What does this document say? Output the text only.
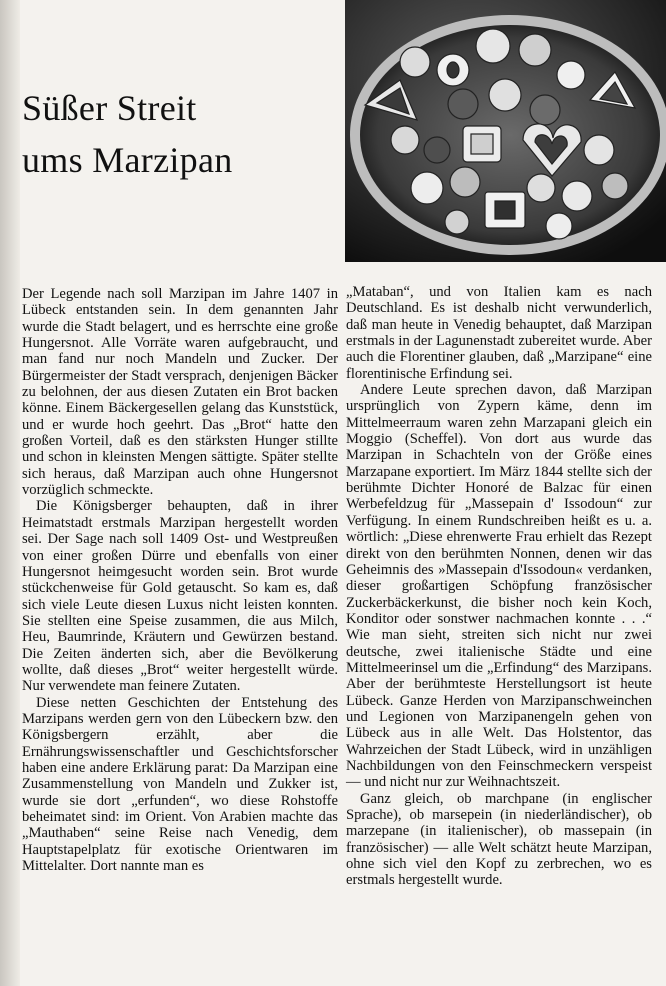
Süßer Streit
ums Marzipan

Der Legende nach soll Marzipan im Jahre 1407 in Lübeck entstanden sein. In dem genannten Jahr wurde die Stadt belagert, und es herrschte eine große Hungersnot. Alle Vorräte waren aufgebraucht, und man fand nur noch Mandeln und Zucker. Der Bürgermeister der Stadt versprach, denjenigen Bäcker zu belohnen, der aus diesen Zutaten ein Brot backen könne. Einem Bäckergesellen gelang das Kunststück, und er wurde hoch geehrt. Das „Brot“ hatte den großen Vorteil, daß es den stärksten Hunger stillte und schon in kleinsten Mengen sättigte. Später stellte sich heraus, daß Marzipan auch ohne Hungersnot vorzüglich schmeckte.

Die Königsberger behaupten, daß in ihrer Heimatstadt erstmals Marzipan hergestellt worden sei. Der Sage nach soll 1409 Ost- und Westpreußen von einer großen Dürre und ebenfalls von einer Hungersnot heimgesucht worden sein. Brot wurde stückchenweise für Gold getauscht. So kam es, daß sich viele Leute diesen Luxus nicht leisten konnten. Sie stellten eine Speise zusammen, die aus Milch, Heu, Baumrinde, Kräutern und Gewürzen bestand. Die Zeiten änderten sich, aber die Bevölkerung wollte, daß dieses „Brot“ weiter hergestellt würde. Nur verwendete man feinere Zutaten.

Diese netten Geschichten der Entstehung des Marzipans werden gern von den Lübeckern bzw. den Königsbergern erzählt, aber die Ernährungswissenschaftler und Geschichtsforscher haben eine andere Erklärung parat: Da Marzipan eine Zusammenstellung von Mandeln und Zukker ist, wurde sie dort „erfunden“, wo diese Rohstoffe beheimatet sind: im Orient. Von Arabien machte das „Mauthaben“ seine Reise nach Venedig, dem Hauptstapelplatz für exotische Orientwaren im Mittelalter. Dort nannte man es

„Mataban“, und von Italien kam es nach Deutschland. Es ist deshalb nicht verwunderlich, daß man heute in Venedig behauptet, daß Marzipan erstmals in der Lagunenstadt zubereitet wurde. Aber auch die Florentiner glauben, daß „Marzipane“ eine florentinische Erfindung sei.

Andere Leute sprechen davon, daß Marzipan ursprünglich von Zypern käme, denn im Mittelmeerraum waren zehn Marzapani gleich ein Moggio (Scheffel). Von dort aus wurde das Marzipan in Schachteln von der Größe eines Marzapane exportiert. Im März 1844 stellte sich der berühmte Dichter Honoré de Balzac für einen Werbefeldzug für „Massepain d' Issodoun“ zur Verfügung. In einem Rundschreiben heißt es u. a. wörtlich: „Diese ehrenwerte Frau erhielt das Rezept direkt von den berühmten Nonnen, denen wir das Geheimnis des »Massepain d'Issodoun« verdanken, dieser großartigen Schöpfung französischer Zuckerbäckerkunst, die bisher noch kein Koch, Konditor oder sonstwer nachmachen konnte . . .“ Wie man sieht, streiten sich nicht nur zwei deutsche, zwei italienische Städte und eine Mittelmeerinsel um die „Erfindung“ des Marzipans. Aber der berühmteste Herstellungsort ist heute Lübeck. Ganze Herden von Marzipanschweinchen und Legionen von Marzipanengeln gehen von Lübeck aus in alle Welt. Das Holstentor, das Wahrzeichen der Stadt Lübeck, wird in unzähligen Nachbildungen von den Feinschmeckern verspeist — und nicht nur zur Weihnachtszeit.

Ganz gleich, ob marchpane (in englischer Sprache), ob marsepein (in niederländischer), ob marzepane (in italienischer), ob massepain (in französischer) — alle Welt schätzt heute Marzipan, ohne sich viel den Kopf zu zerbrechen, wo es erstmals hergestellt wurde.
